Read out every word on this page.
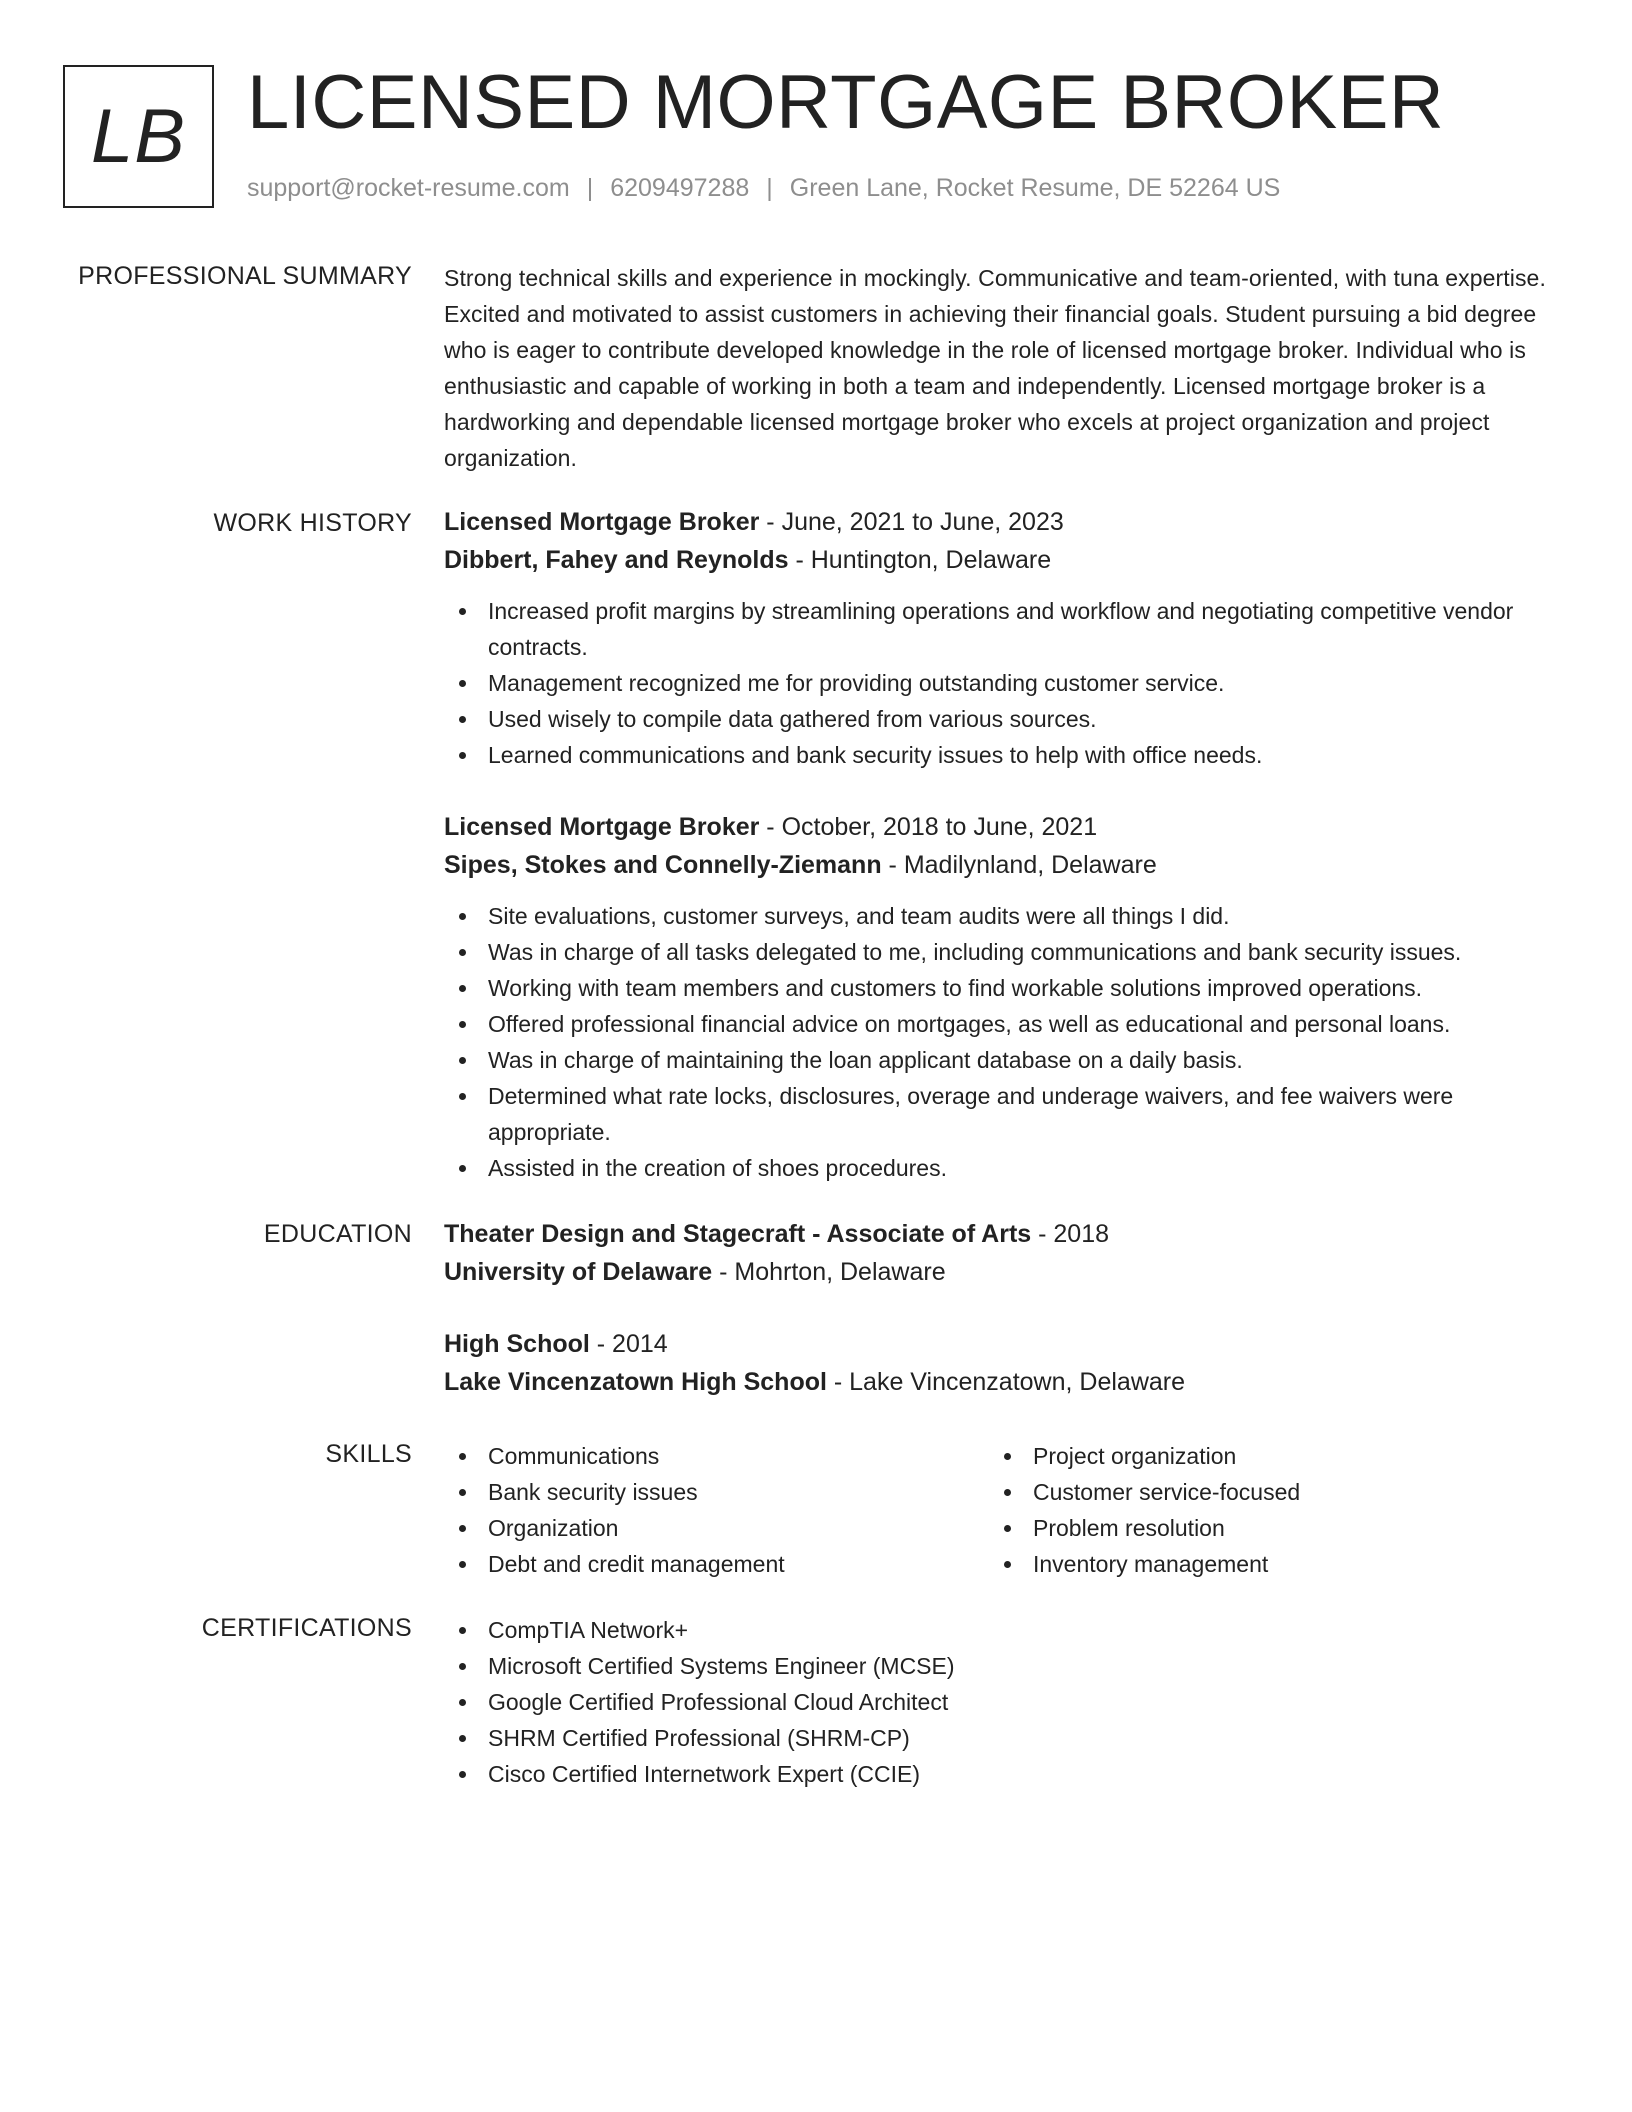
LB LICENSED MORTGAGE BROKER
support@rocket-resume.com | 6209497288 | Green Lane, Rocket Resume, DE 52264 US
PROFESSIONAL SUMMARY Strong technical skills and experience in mockingly. Communicative and team-oriented, with tuna expertise. Excited and motivated to assist customers in achieving their financial goals. Student pursuing a bid degree who is eager to contribute developed knowledge in the role of licensed mortgage broker. Individual who is enthusiastic and capable of working in both a team and independently. Licensed mortgage broker is a hardworking and dependable licensed mortgage broker who excels at project organization and project organization.
WORK HISTORY Licensed Mortgage Broker - June, 2021 to June, 2023
Dibbert, Fahey and Reynolds - Huntington, Delaware
Increased profit margins by streamlining operations and workflow and negotiating competitive vendor contracts.
Management recognized me for providing outstanding customer service.
Used wisely to compile data gathered from various sources.
Learned communications and bank security issues to help with office needs.
Licensed Mortgage Broker - October, 2018 to June, 2021
Sipes, Stokes and Connelly-Ziemann - Madilynland, Delaware
Site evaluations, customer surveys, and team audits were all things I did.
Was in charge of all tasks delegated to me, including communications and bank security issues.
Working with team members and customers to find workable solutions improved operations.
Offered professional financial advice on mortgages, as well as educational and personal loans.
Was in charge of maintaining the loan applicant database on a daily basis.
Determined what rate locks, disclosures, overage and underage waivers, and fee waivers were appropriate.
Assisted in the creation of shoes procedures.
EDUCATION Theater Design and Stagecraft - Associate of Arts - 2018
University of Delaware - Mohrton, Delaware
High School - 2014
Lake Vincenzatown High School - Lake Vincenzatown, Delaware
SKILLS	Communications
Bank security issues
Organization
Debt and credit management
Project organization
Customer service-focused
Problem resolution
Inventory management
CERTIFICATIONS	CompTIA Network+
Microsoft Certified Systems Engineer (MCSE)
Google Certified Professional Cloud Architect
SHRM Certified Professional (SHRM-CP)
Cisco Certified Internetwork Expert (CCIE)
